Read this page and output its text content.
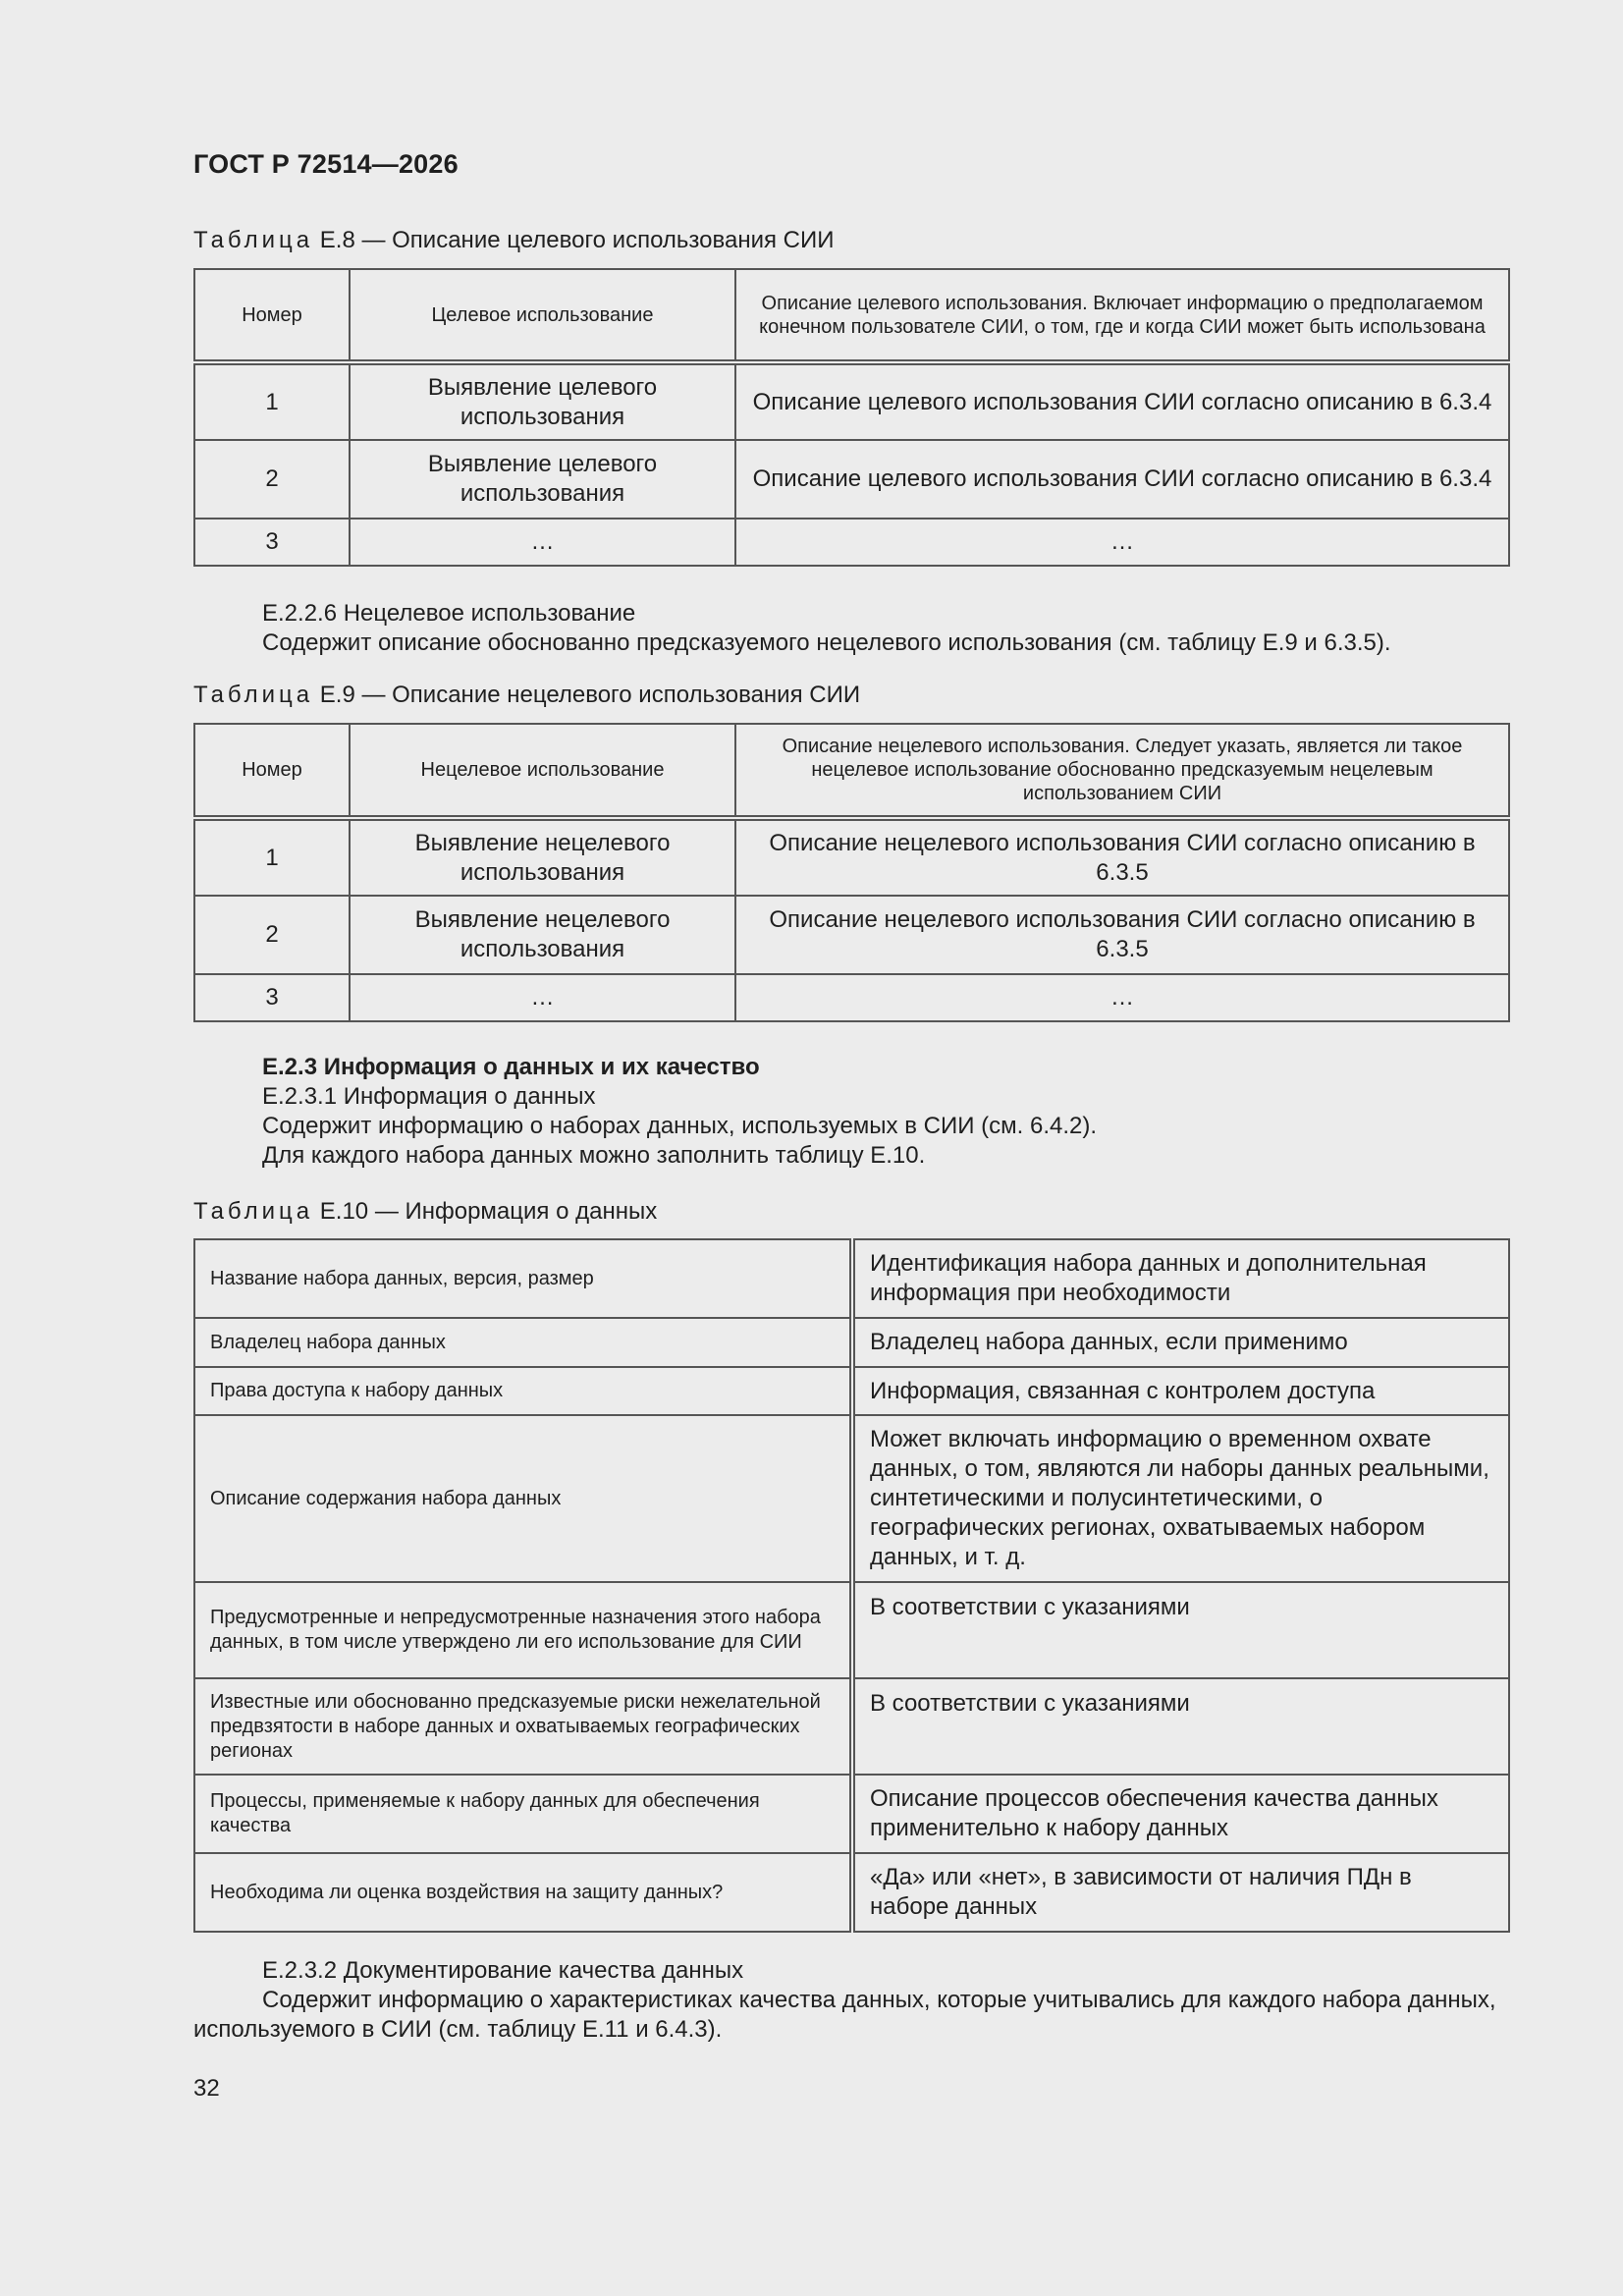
ГОСТ Р 72514—2026
Таблица Е.8 — Описание целевого использования СИИ
Номер	Целевое использование	Описание целевого использования. Включает информацию о предполагаемом конечном пользователе СИИ, о том, где и когда СИИ может быть использована
1	Выявление целевого использования	Описание целевого использования СИИ согласно описанию в 6.3.4
2	Выявление целевого использования	Описание целевого использования СИИ согласно описанию в 6.3.4
3	…	…
Е.2.2.6 Нецелевое использование
Содержит описание обоснованно предсказуемого нецелевого использования (см. таблицу Е.9 и 6.3.5).
Таблица Е.9 — Описание нецелевого использования СИИ
Номер	Нецелевое использование	Описание нецелевого использования. Следует указать, является ли такое нецелевое использование обоснованно предсказуемым нецелевым использованием СИИ
1	Выявление нецелевого использования	Описание нецелевого использования СИИ согласно описанию в 6.3.5
2	Выявление нецелевого использования	Описание нецелевого использования СИИ согласно описанию в 6.3.5
3	…	…
Е.2.3 Информация о данных и их качество
Е.2.3.1 Информация о данных
Содержит информацию о наборах данных, используемых в СИИ (см. 6.4.2).
Для каждого набора данных можно заполнить таблицу Е.10.
Таблица Е.10 — Информация о данных
Название набора данных, версия, размер	Идентификация набора данных и дополнительная информация при необходимости
Владелец набора данных	Владелец набора данных, если применимо
Права доступа к набору данных	Информация, связанная с контролем доступа
Описание содержания набора данных	Может включать информацию о временном охвате данных, о том, являются ли наборы данных реальными, синтетическими и полусинтетическими, о географических регионах, охватываемых набором данных, и т. д.
Предусмотренные и непредусмотренные назначения этого набора данных, в том числе утверждено ли его использование для СИИ	В соответствии с указаниями
Известные или обоснованно предсказуемые риски нежелательной предвзятости в наборе данных и охватываемых географических регионах	В соответствии с указаниями
Процессы, применяемые к набору данных для обеспечения качества	Описание процессов обеспечения качества данных применительно к набору данных
Необходима ли оценка воздействия на защиту данных?	«Да» или «нет», в зависимости от наличия ПДн в наборе данных
Е.2.3.2 Документирование качества данных
Содержит информацию о характеристиках качества данных, которые учитывались для каждого набора данных, используемого в СИИ (см. таблицу Е.11 и 6.4.3).
32
